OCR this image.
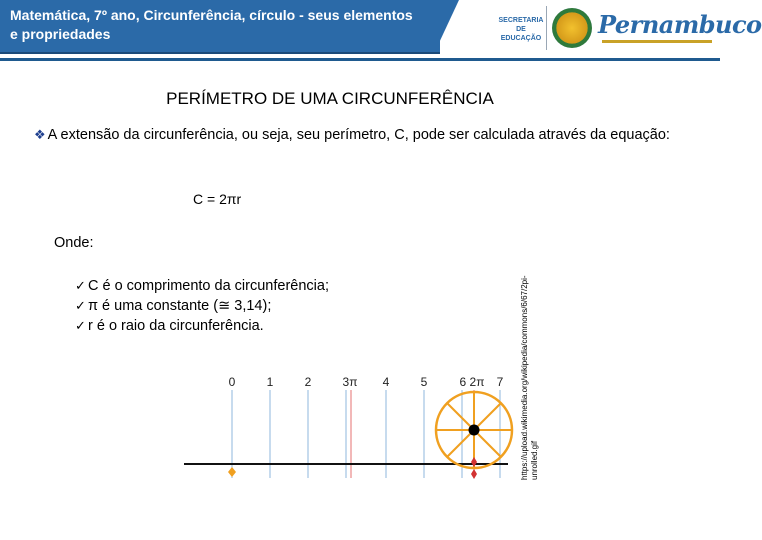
Matemática, 7º ano, Circunferência, círculo - seus elementos e propriedades
SECRETARIA DE EDUCAÇÃO Pernambuco
PERÍMETRO DE UMA CIRCUNFERÊNCIA
❖ A extensão da circunferência, ou seja, seu perímetro, C, pode ser calculada através da equação:
C = 2πr
Onde:
✓ C é o comprimento da circunferência;
✓ π é uma constante (≅ 3,14);
✓ r é o raio da circunferência.
0	1	2	3π 4	5	6 2π 7 https://upload.wikimedia.org/wikipedia/commons/6/67/2pi-unrolled.gif
